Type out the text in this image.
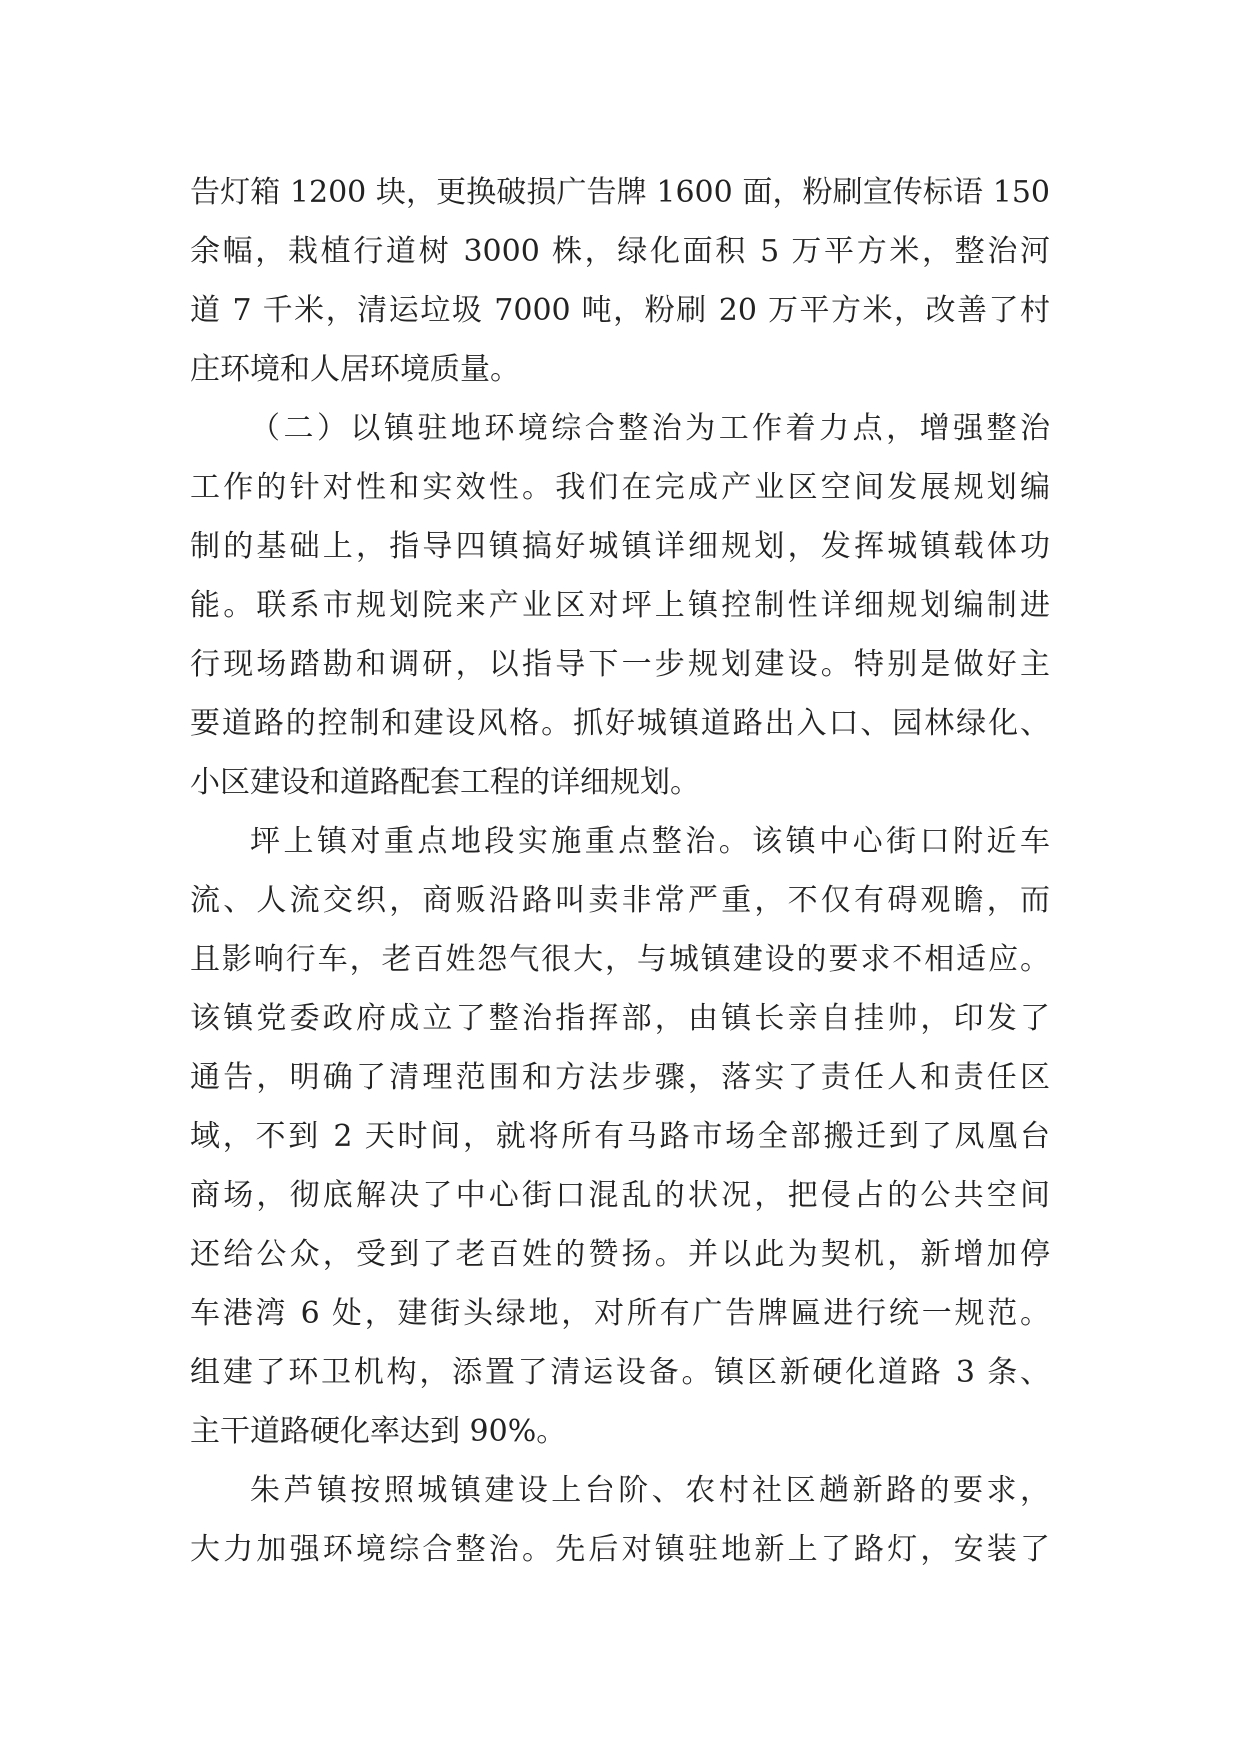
告灯箱 1200 块，更换破损广告牌 1600 面，粉刷宣传标语 150
余幅，栽植行道树 3000 株，绿化面积 5 万平方米，整治河
道 7 千米，清运垃圾 7000 吨，粉刷 20 万平方米，改善了村
庄环境和人居环境质量。
（二）以镇驻地环境综合整治为工作着力点，增强整治
工作的针对性和实效性。我们在完成产业区空间发展规划编
制的基础上，指导四镇搞好城镇详细规划，发挥城镇载体功
能。联系市规划院来产业区对坪上镇控制性详细规划编制进
行现场踏勘和调研，以指导下一步规划建设。特别是做好主
要道路的控制和建设风格。抓好城镇道路出入口、园林绿化、
小区建设和道路配套工程的详细规划。
坪上镇对重点地段实施重点整治。该镇中心街口附近车
流、人流交织，商贩沿路叫卖非常严重，不仅有碍观瞻，而
且影响行车，老百姓怨气很大，与城镇建设的要求不相适应。
该镇党委政府成立了整治指挥部，由镇长亲自挂帅，印发了
通告，明确了清理范围和方法步骤，落实了责任人和责任区
域，不到 2 天时间，就将所有马路市场全部搬迁到了凤凰台
商场，彻底解决了中心街口混乱的状况，把侵占的公共空间
还给公众，受到了老百姓的赞扬。并以此为契机，新增加停
车港湾 6 处，建街头绿地，对所有广告牌匾进行统一规范。
组建了环卫机构，添置了清运设备。镇区新硬化道路 3 条、
主干道路硬化率达到 90%。
朱芦镇按照城镇建设上台阶、农村社区趟新路的要求，
大力加强环境综合整治。先后对镇驻地新上了路灯，安装了
